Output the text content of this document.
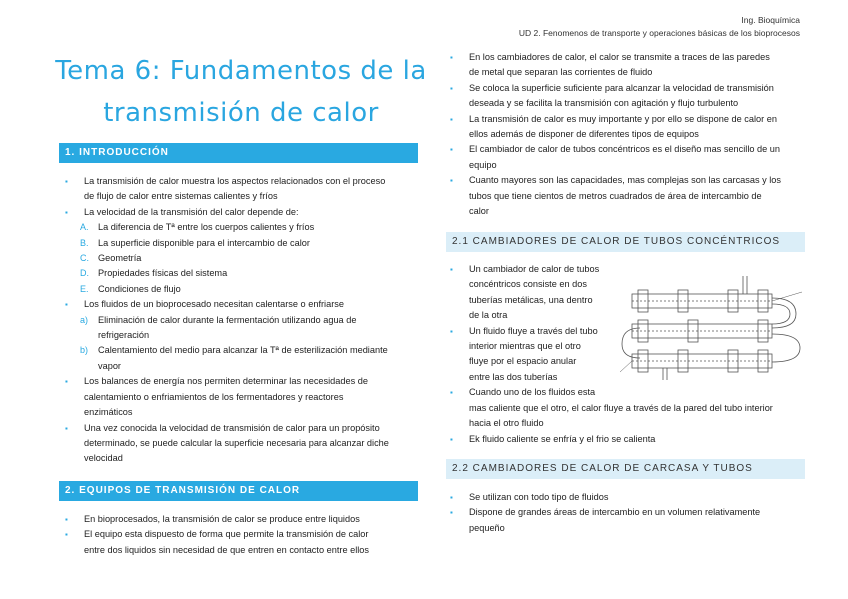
Ing. Bioquímica
UD 2. Fenomenos de transporte y operaciones básicas de los bioprocesos
Tema 6: Fundamentos de la
transmisión de calor
1. INTRODUCCIÓN
▪ La transmisión de calor muestra los aspectos relacionados con el proceso
de flujo de calor entre sistemas calientes y fríos
▪ La velocidad de la transmisión del calor depende de:
A. La diferencia de Tª entre los cuerpos calientes y fríos
B. La superficie disponible para el intercambio de calor
C. Geometría
D. Propiedades físicas del sistema
E. Condiciones de flujo
▪ Los fluidos de un bioprocesado necesitan calentarse o enfriarse
a) Eliminación de calor durante la fermentación utilizando agua de
refrigeración
b) Calentamiento del medio para alcanzar la Tª de esterilización mediante
vapor
▪ Los balances de energía nos permiten determinar las necesidades de
calentamiento o enfriamientos de los fermentadores y reactores
enzimáticos
▪ Una vez conocida la velocidad de transmisión de calor para un propósito
determinado, se puede calcular la superficie necesaria para alcanzar diche
velocidad
2. EQUIPOS DE TRANSMISIÓN DE CALOR
▪ En bioprocesados, la transmisión de calor se produce entre liquidos
▪ El equipo esta dispuesto de forma que permite la transmisión de calor
entre dos liquidos sin necesidad de que entren en contacto entre ellos
▪ En los cambiadores de calor, el calor se transmite a traces de las paredes
de metal que separan las corrientes de fluido
▪ Se coloca la superficie suficiente para alcanzar la velocidad de transmisión
deseada y se facilita la transmisión con agitación y flujo turbulento
▪ La transmisión de calor es muy importante y por ello se dispone de calor en
ellos además de disponer de diferentes tipos de equipos
▪ El cambiador de calor de tubos concéntricos es el diseño mas sencillo de un
equipo
▪ Cuanto mayores son las capacidades, mas complejas son las carcasas y los
tubos que tiene cientos de metros cuadrados de área de intercambio de
calor
2.1 CAMBIADORES DE CALOR DE TUBOS CONCÉNTRICOS
▪ Un cambiador de calor de tubos
concéntricos consiste en dos
tuberías metálicas, una dentro
de la otra
▪ Un fluido fluye a través del tubo
interior mientras que el otro
fluye por el espacio anular
entre las dos tuberías
▪ Cuando uno de los fluidos esta
mas caliente que el otro, el calor fluye a través de la pared del tubo interior
hacia el otro fluido
▪ Ek fluido caliente se enfría y el frio se calienta
2.2 CAMBIADORES DE CALOR DE CARCASA Y TUBOS
▪ Se utilizan con todo tipo de fluidos
▪ Dispone de grandes áreas de intercambio en un volumen relativamente
pequeño
